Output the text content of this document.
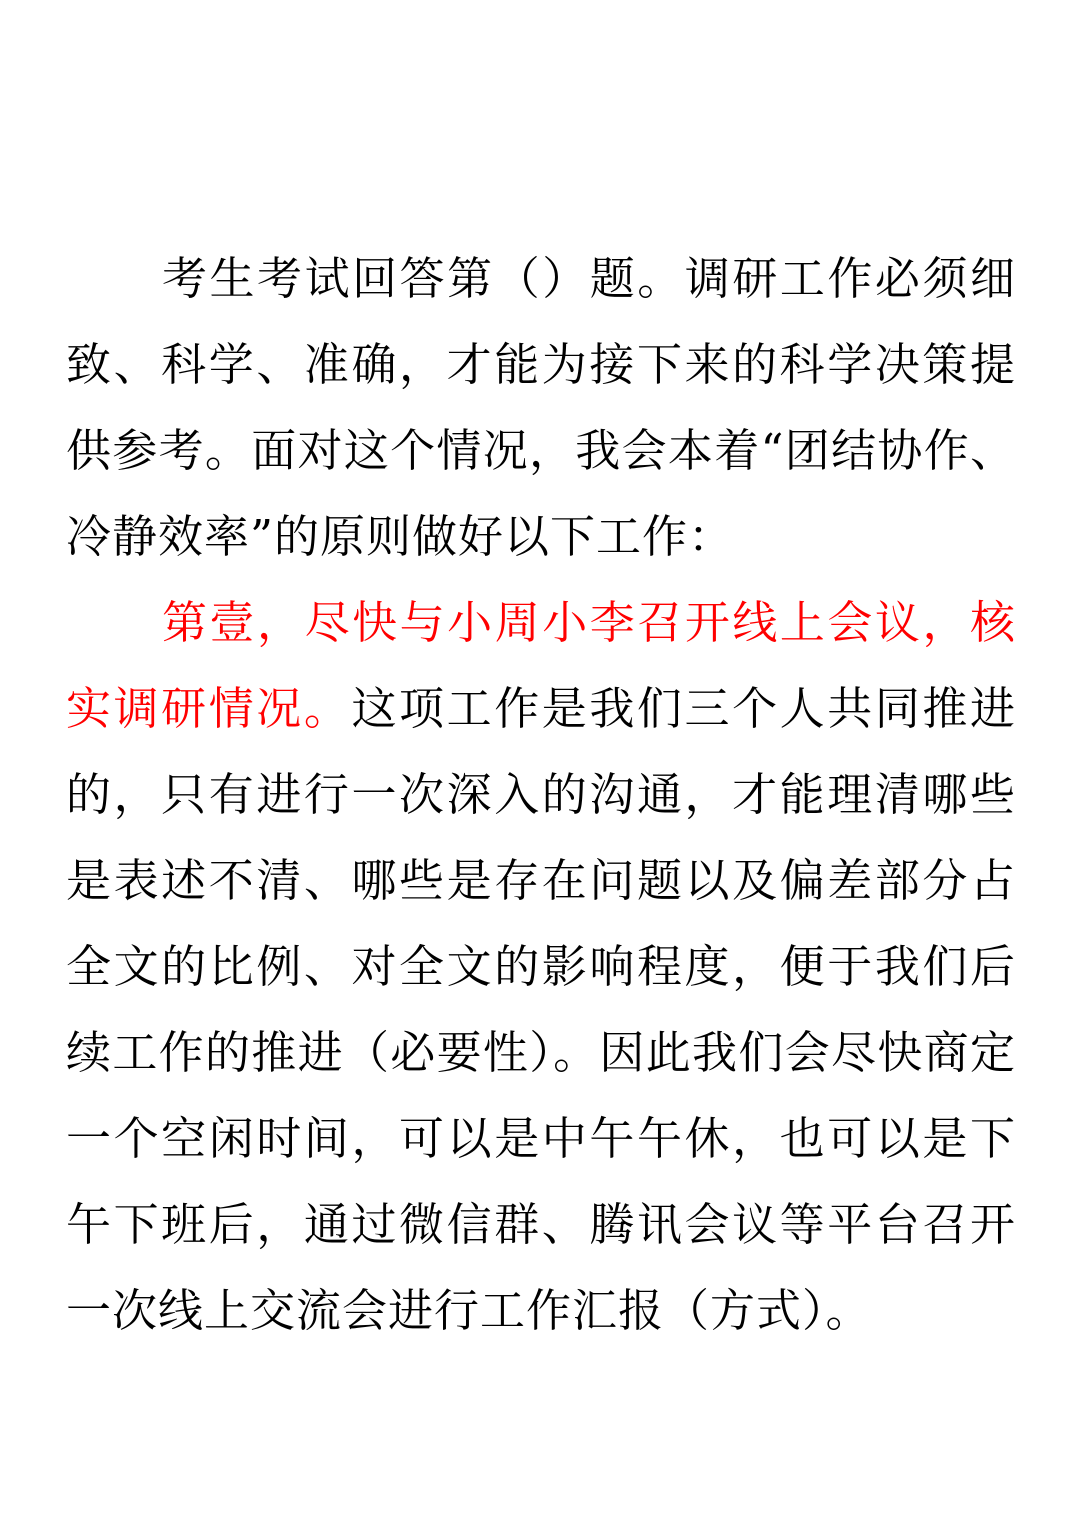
考生考试回答第（）题。调研工作必须细致、科学、准确，才能为接下来的科学决策提供参考。面对这个情况，我会本着“团结协作、冷静效率”的原则做好以下工作：

第壹，尽快与小周小李召开线上会议，核实调研情况。这项工作是我们三个人共同推进的，只有进行一次深入的沟通，才能理清哪些是表述不清、哪些是存在问题以及偏差部分占全文的比例、对全文的影响程度，便于我们后续工作的推进（必要性）。因此我们会尽快商定一个空闲时间，可以是中午午休，也可以是下午下班后，通过微信群、腾讯会议等平台召开一次线上交流会进行工作汇报（方式）。
